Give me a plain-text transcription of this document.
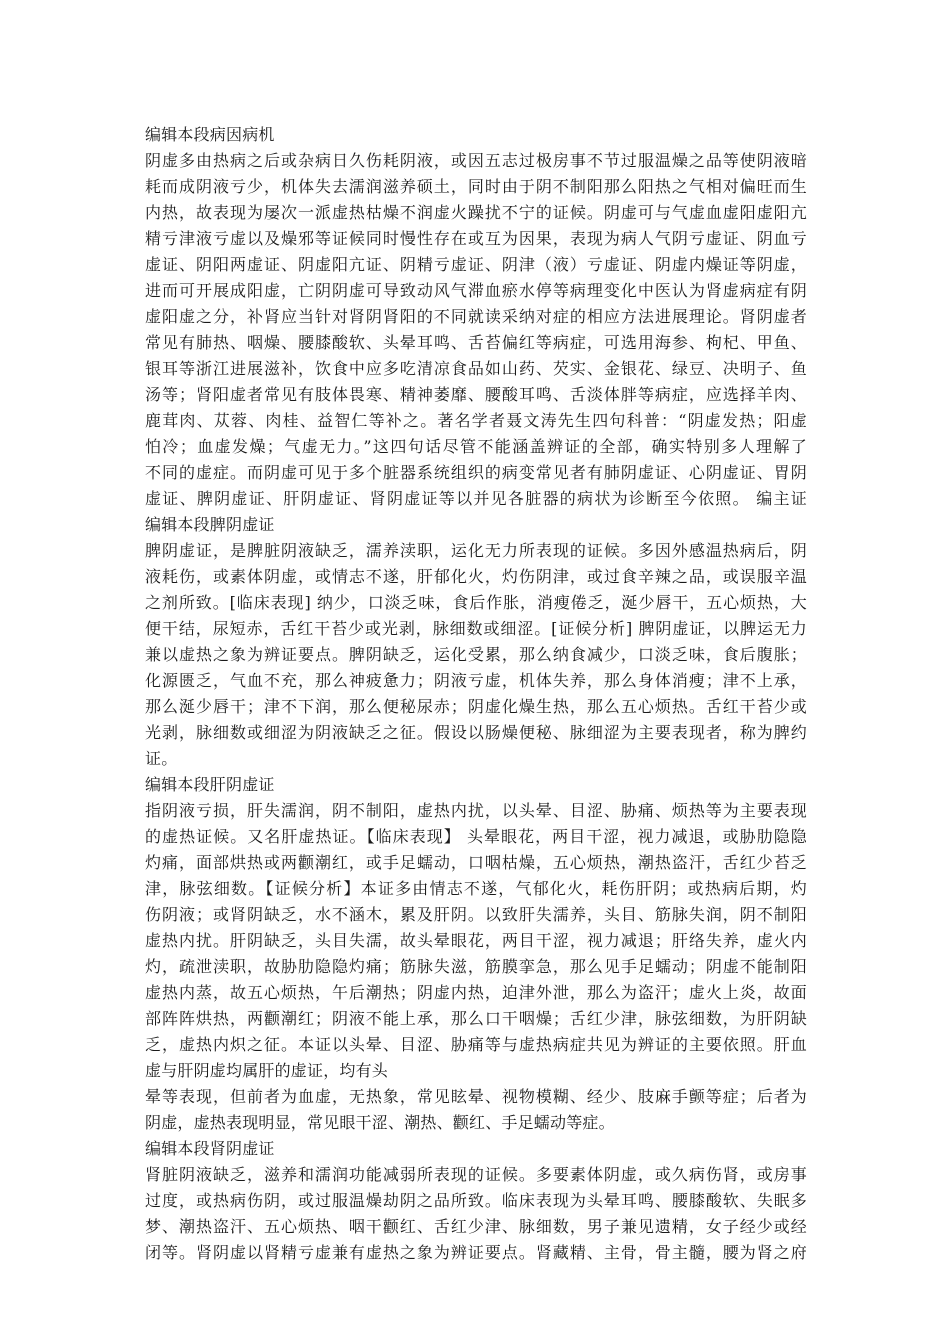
编辑本段病因病机
阴虚多由热病之后或杂病日久伤耗阴液，或因五志过极房事不节过服温燥之品等使阴液暗
耗而成阴液亏少，机体失去濡润滋养硕土，同时由于阴不制阳那么阳热之气相对偏旺而生
内热，故表现为屡次一派虚热枯燥不润虚火躁扰不宁的证候。阴虚可与气虚血虚阳虚阳亢
精亏津液亏虚以及燥邪等证候同时慢性存在或互为因果，表现为病人气阴亏虚证、阴血亏
虚证、阴阳两虚证、阴虚阳亢证、阴精亏虚证、阴津（液）亏虚证、阴虚内燥证等阴虚，
进而可开展成阳虚，亡阴阴虚可导致动风气滞血瘀水停等病理变化中医认为肾虚病症有阴
虚阳虚之分，补肾应当针对肾阴肾阳的不同就读采纳对症的相应方法进展理论。肾阴虚者
常见有肺热、咽燥、腰膝酸软、头晕耳鸣、舌苔偏红等病症，可选用海参、枸杞、甲鱼、
银耳等浙江进展滋补，饮食中应多吃清凉食品如山药、芡实、金银花、绿豆、决明子、鱼
汤等；肾阳虚者常见有肢体畏寒、精神萎靡、腰酸耳鸣、舌淡体胖等病症，应选择羊肉、
鹿茸肉、苁蓉、肉桂、益智仁等补之。著名学者聂文涛先生四句科普：“阴虚发热；阳虚
怕冷；血虚发燥；气虚无力。”这四句话尽管不能涵盖辨证的全部，确实特别多人理解了
不同的虚症。而阴虚可见于多个脏器系统组织的病变常见者有肺阴虚证、心阴虚证、胃阴
虚证、脾阴虚证、肝阴虚证、肾阴虚证等以并见各脏器的病状为诊断至今依照。 编主证
编辑本段脾阴虚证
脾阴虚证，是脾脏阴液缺乏，濡养渎职，运化无力所表现的证候。多因外感温热病后，阴
液耗伤，或素体阴虚，或情志不遂，肝郁化火，灼伤阴津，或过食辛辣之品，或误服辛温
之剂所致。[临床表现] 纳少，口淡乏味，食后作胀，消瘦倦乏，涎少唇干，五心烦热，大
便干结，尿短赤，舌红干苔少或光剥，脉细数或细涩。[证候分析] 脾阴虚证，以脾运无力
兼以虚热之象为辨证要点。脾阴缺乏，运化受累，那么纳食减少，口淡乏味，食后腹胀；
化源匮乏，气血不充，那么神疲惫力；阴液亏虚，机体失养，那么身体消瘦；津不上承，
那么涎少唇干；津不下润，那么便秘尿赤；阴虚化燥生热，那么五心烦热。舌红干苔少或
光剥，脉细数或细涩为阴液缺乏之征。假设以肠燥便秘、脉细涩为主要表现者，称为脾约
证。
编辑本段肝阴虚证
指阴液亏损，肝失濡润，阴不制阳，虚热内扰，以头晕、目涩、胁痛、烦热等为主要表现
的虚热证候。又名肝虚热证。【临床表现】 头晕眼花，两目干涩，视力减退，或胁肋隐隐
灼痛，面部烘热或两颧潮红，或手足蠕动，口咽枯燥，五心烦热，潮热盗汗，舌红少苔乏
津，脉弦细数。【证候分析】本证多由情志不遂，气郁化火，耗伤肝阴；或热病后期，灼
伤阴液；或肾阴缺乏，水不涵木，累及肝阴。以致肝失濡养，头目、筋脉失润，阴不制阳
虚热内扰。肝阴缺乏，头目失濡，故头晕眼花，两目干涩，视力减退；肝络失养，虚火内
灼，疏泄渎职，故胁肋隐隐灼痛；筋脉失滋，筋膜挛急，那么见手足蠕动；阴虚不能制阳
虚热内蒸，故五心烦热，午后潮热；阴虚内热，迫津外泄，那么为盗汗；虚火上炎，故面
部阵阵烘热，两颧潮红；阴液不能上承，那么口干咽燥；舌红少津，脉弦细数，为肝阴缺
乏，虚热内炽之征。本证以头晕、目涩、胁痛等与虚热病症共见为辨证的主要依照。肝血
虚与肝阴虚均属肝的虚证，均有头
晕等表现，但前者为血虚，无热象，常见眩晕、视物模糊、经少、肢麻手颤等症；后者为
阴虚，虚热表现明显，常见眼干涩、潮热、颧红、手足蠕动等症。
编辑本段肾阴虚证
肾脏阴液缺乏，滋养和濡润功能减弱所表现的证候。多要素体阴虚，或久病伤肾，或房事
过度，或热病伤阴，或过服温燥劫阴之品所致。临床表现为头晕耳鸣、腰膝酸软、失眠多
梦、潮热盗汗、五心烦热、咽干颧红、舌红少津、脉细数，男子兼见遗精，女子经少或经
闭等。肾阴虚以肾精亏虚兼有虚热之象为辨证要点。肾藏精、主骨，骨主髓，腰为肾之府
